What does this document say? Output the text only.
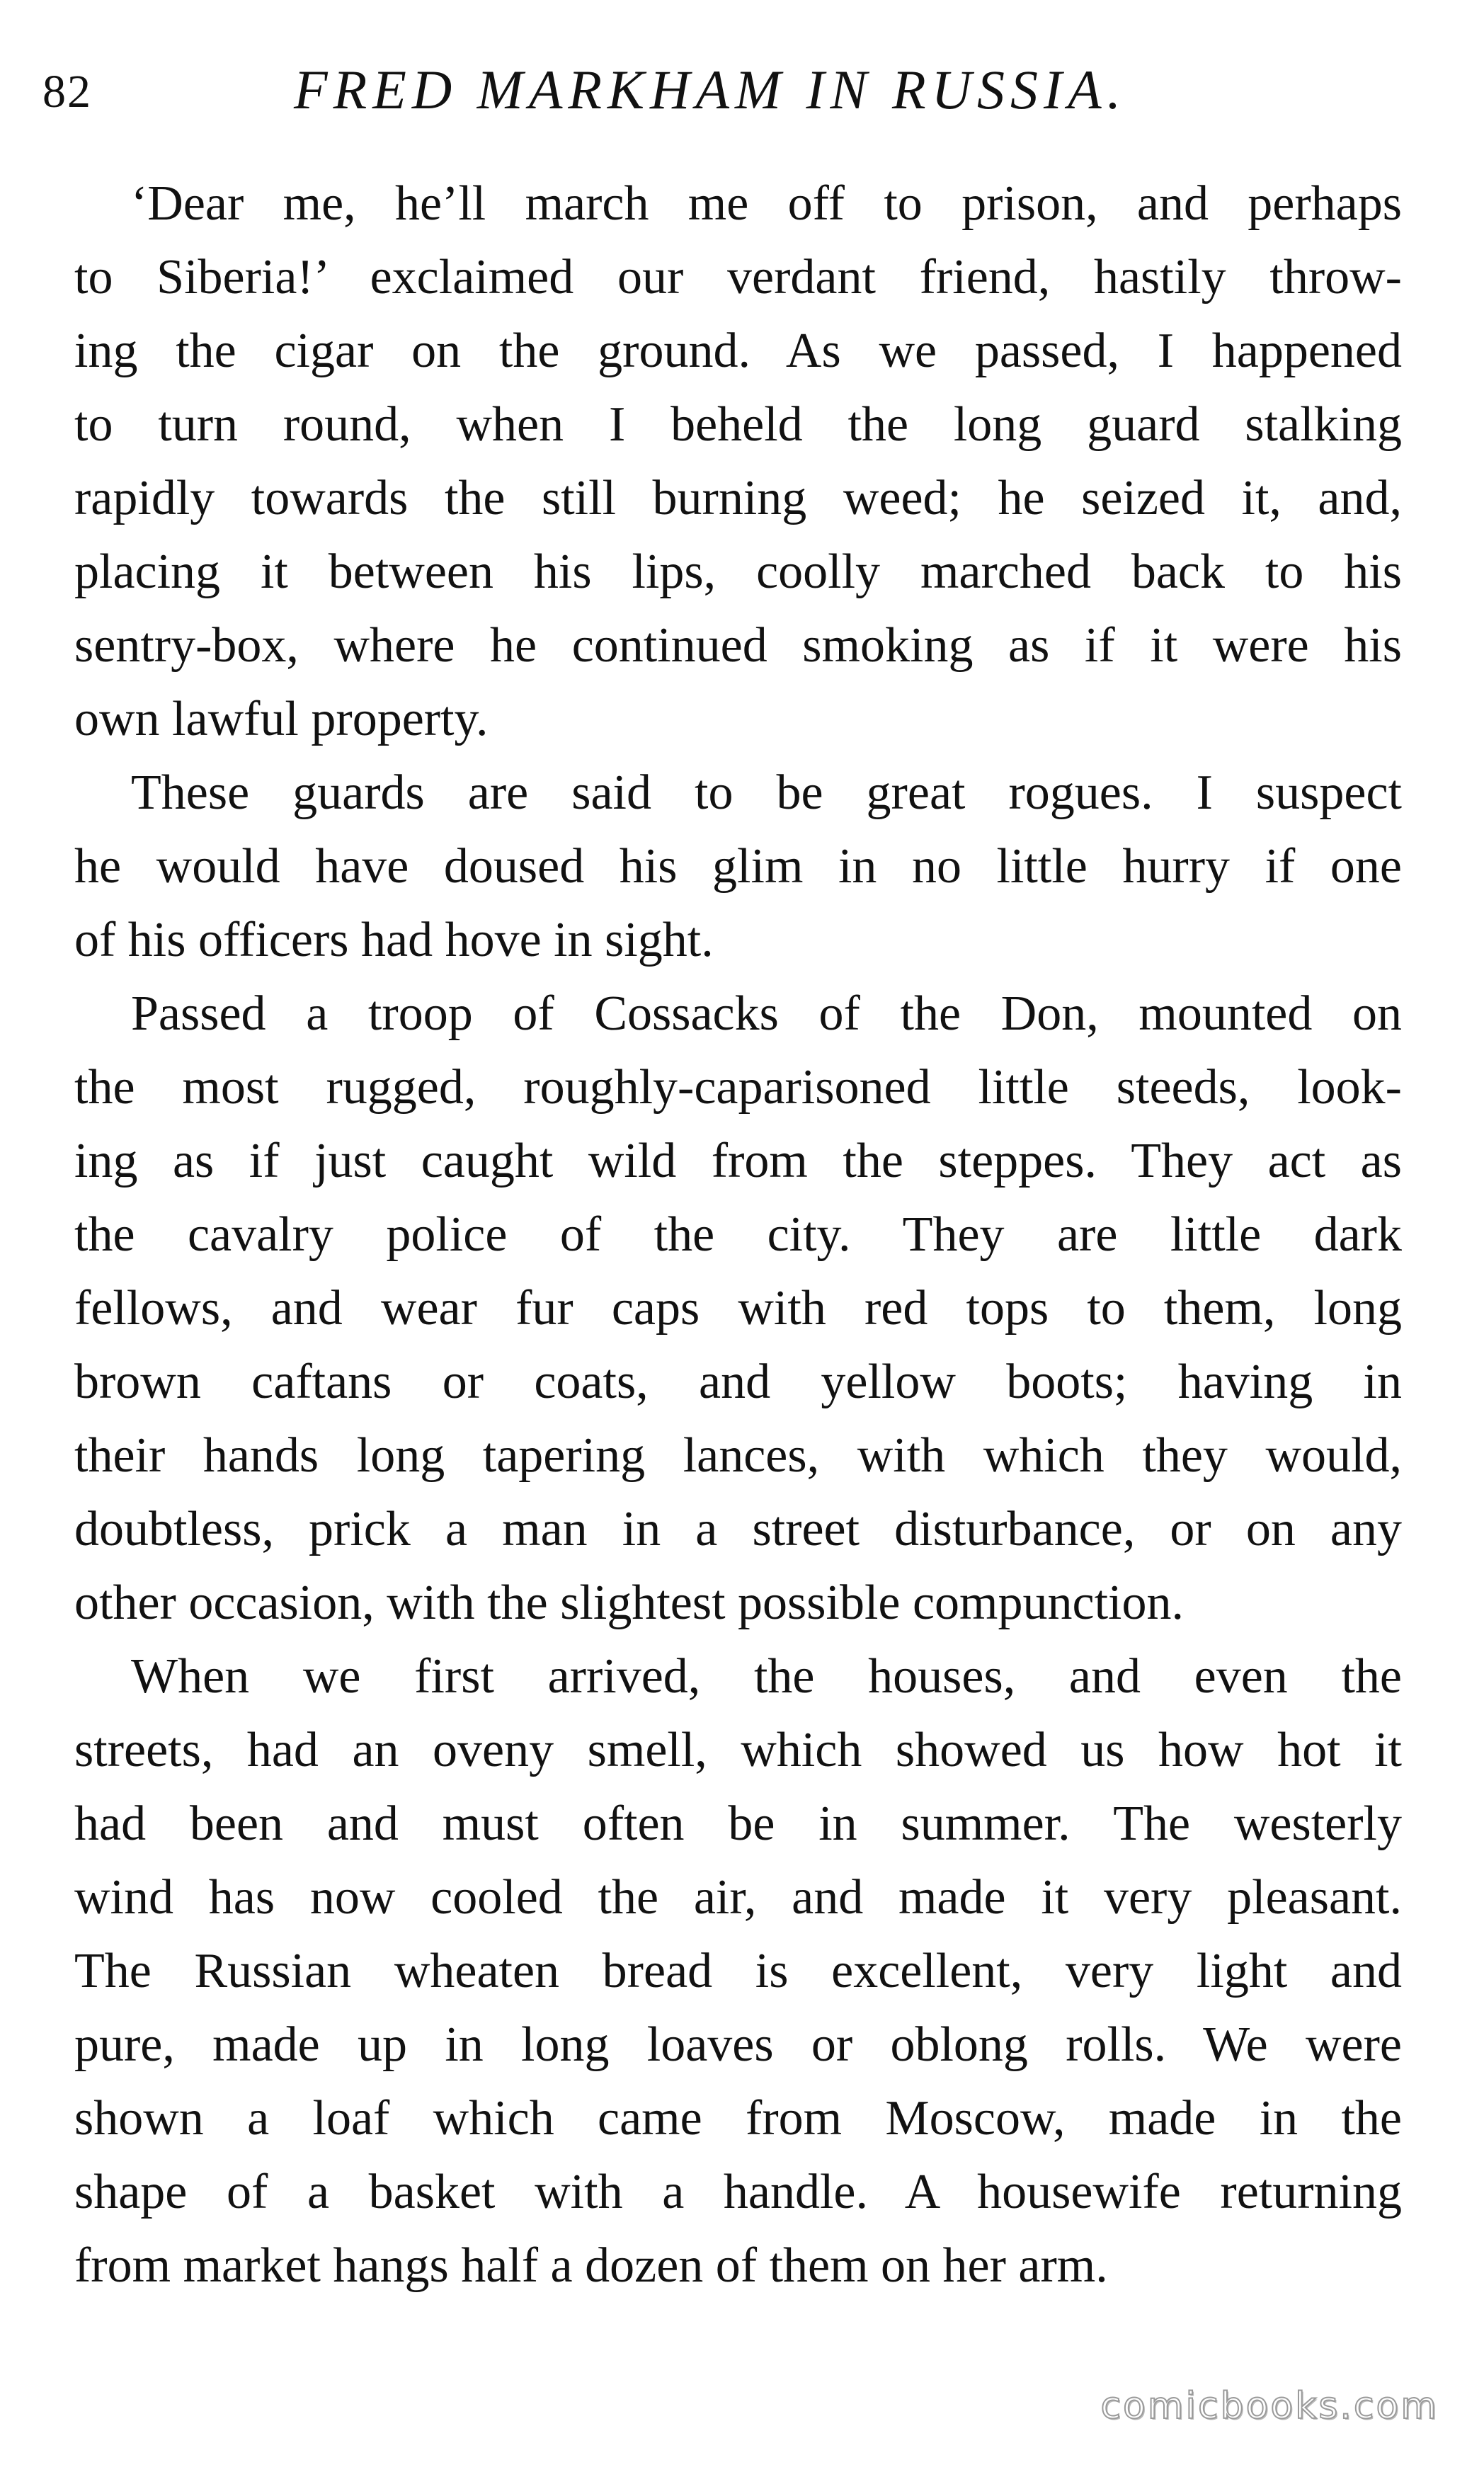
82	FRED MARKHAM IN RUSSIA.
‘Dear me, he’ll march me off to prison, and perhaps
to Siberia!’ exclaimed our verdant friend, hastily throw-
ing the cigar on the ground. As we passed, I happened
to turn round, when I beheld the long guard stalking
rapidly towards the still burning weed; he seized it, and,
placing it between his lips, coolly marched back to his
sentry-box, where he continued smoking as if it were his
own lawful property.
These guards are said to be great rogues. I suspect
he would have doused his glim in no little hurry if one
of his officers had hove in sight.
Passed a troop of Cossacks of the Don, mounted on
the most rugged, roughly-caparisoned little steeds, look-
ing as if just caught wild from the steppes. They act as
the cavalry police of the city. They are little dark
fellows, and wear fur caps with red tops to them, long
brown caftans or coats, and yellow boots; having in
their hands long tapering lances, with which they would,
doubtless, prick a man in a street disturbance, or on any
other occasion, with the slightest possible compunction.
When we first arrived, the houses, and even the
streets, had an oveny smell, which showed us how hot it
had been and must often be in summer. The westerly
wind has now cooled the air, and made it very pleasant.
The Russian wheaten bread is excellent, very light and
pure, made up in long loaves or oblong rolls. We were
shown a loaf which came from Moscow, made in the
shape of a basket with a handle. A housewife returning
from market hangs half a dozen of them on her arm.
comicbooks.com
